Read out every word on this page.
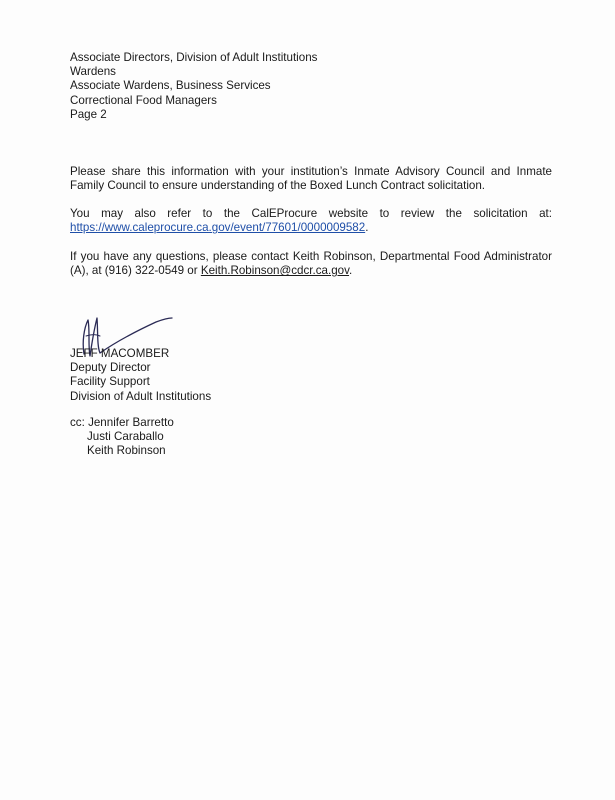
Associate Directors, Division of Adult Institutions
Wardens
Associate Wardens, Business Services
Correctional Food Managers
Page 2
Please share this information with your institution’s Inmate Advisory Council and Inmate Family Council to ensure understanding of the Boxed Lunch Contract solicitation.
You may also refer to the CalEProcure website to review the solicitation at: https://www.caleprocure.ca.gov/event/77601/0000009582.
If you have any questions, please contact Keith Robinson, Departmental Food Administrator (A), at (916) 322-0549 or Keith.Robinson@cdcr.ca.gov.
JEFF MACOMBER
Deputy Director
Facility Support
Division of Adult Institutions
cc: Jennifer Barretto
Justi Caraballo
Keith Robinson
